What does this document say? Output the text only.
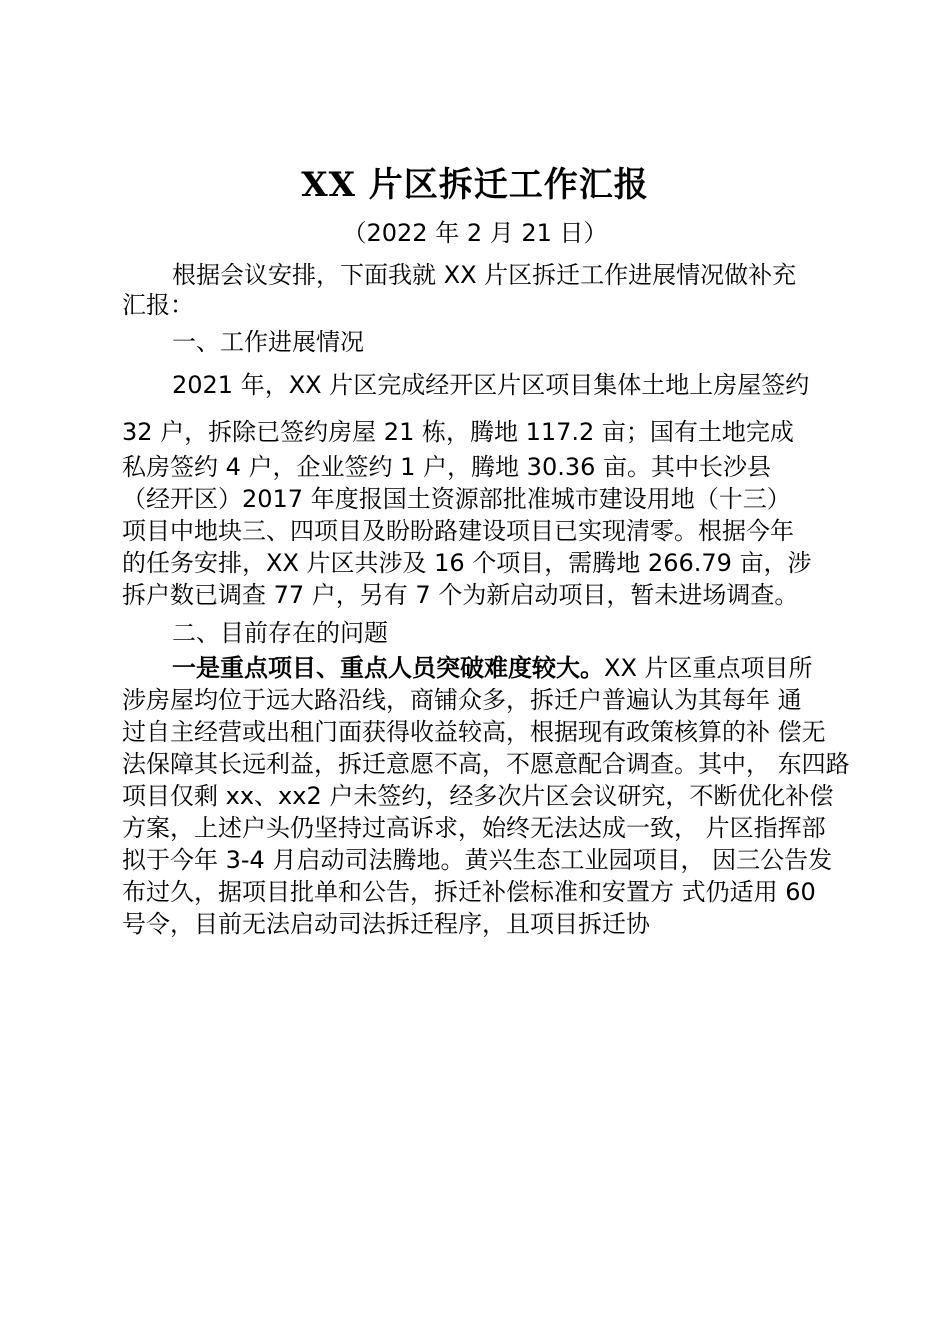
XX 片区拆迁工作汇报
（2022 年 2 月 21 日）
根据会议安排，下面我就 XX 片区拆迁工作进展情况做补充
汇报：
一、工作进展情况
2021 年，XX 片区完成经开区片区项目集体土地上房屋签约
32 户，拆除已签约房屋 21 栋，腾地 117.2 亩；国有土地完成
私房签约 4 户，企业签约 1 户，腾地 30.36 亩。其中长沙县
（经开区）2017 年度报国土资源部批准城市建设用地（十三）
项目中地块三、四项目及盼盼路建设项目已实现清零。根据今年
的任务安排，XX 片区共涉及 16 个项目，需腾地 266.79 亩，涉
拆户数已调查 77 户，另有 7 个为新启动项目，暂未进场调查。
二、目前存在的问题
一是重点项目、重点人员突破难度较大。XX 片区重点项目所
涉房屋均位于远大路沿线，商铺众多，拆迁户普遍认为其每年 通
过自主经营或出租门面获得收益较高，根据现有政策核算的补 偿无
法保障其长远利益，拆迁意愿不高，不愿意配合调查。其中， 东四路
项目仅剩 xx、xx2 户未签约，经多次片区会议研究，不断优化补偿
方案，上述户头仍坚持过高诉求，始终无法达成一致， 片区指挥部
拟于今年 3-4 月启动司法腾地。黄兴生态工业园项目， 因三公告发
布过久，据项目批单和公告，拆迁补偿标准和安置方 式仍适用 60
号令，目前无法启动司法拆迁程序，且项目拆迁协
